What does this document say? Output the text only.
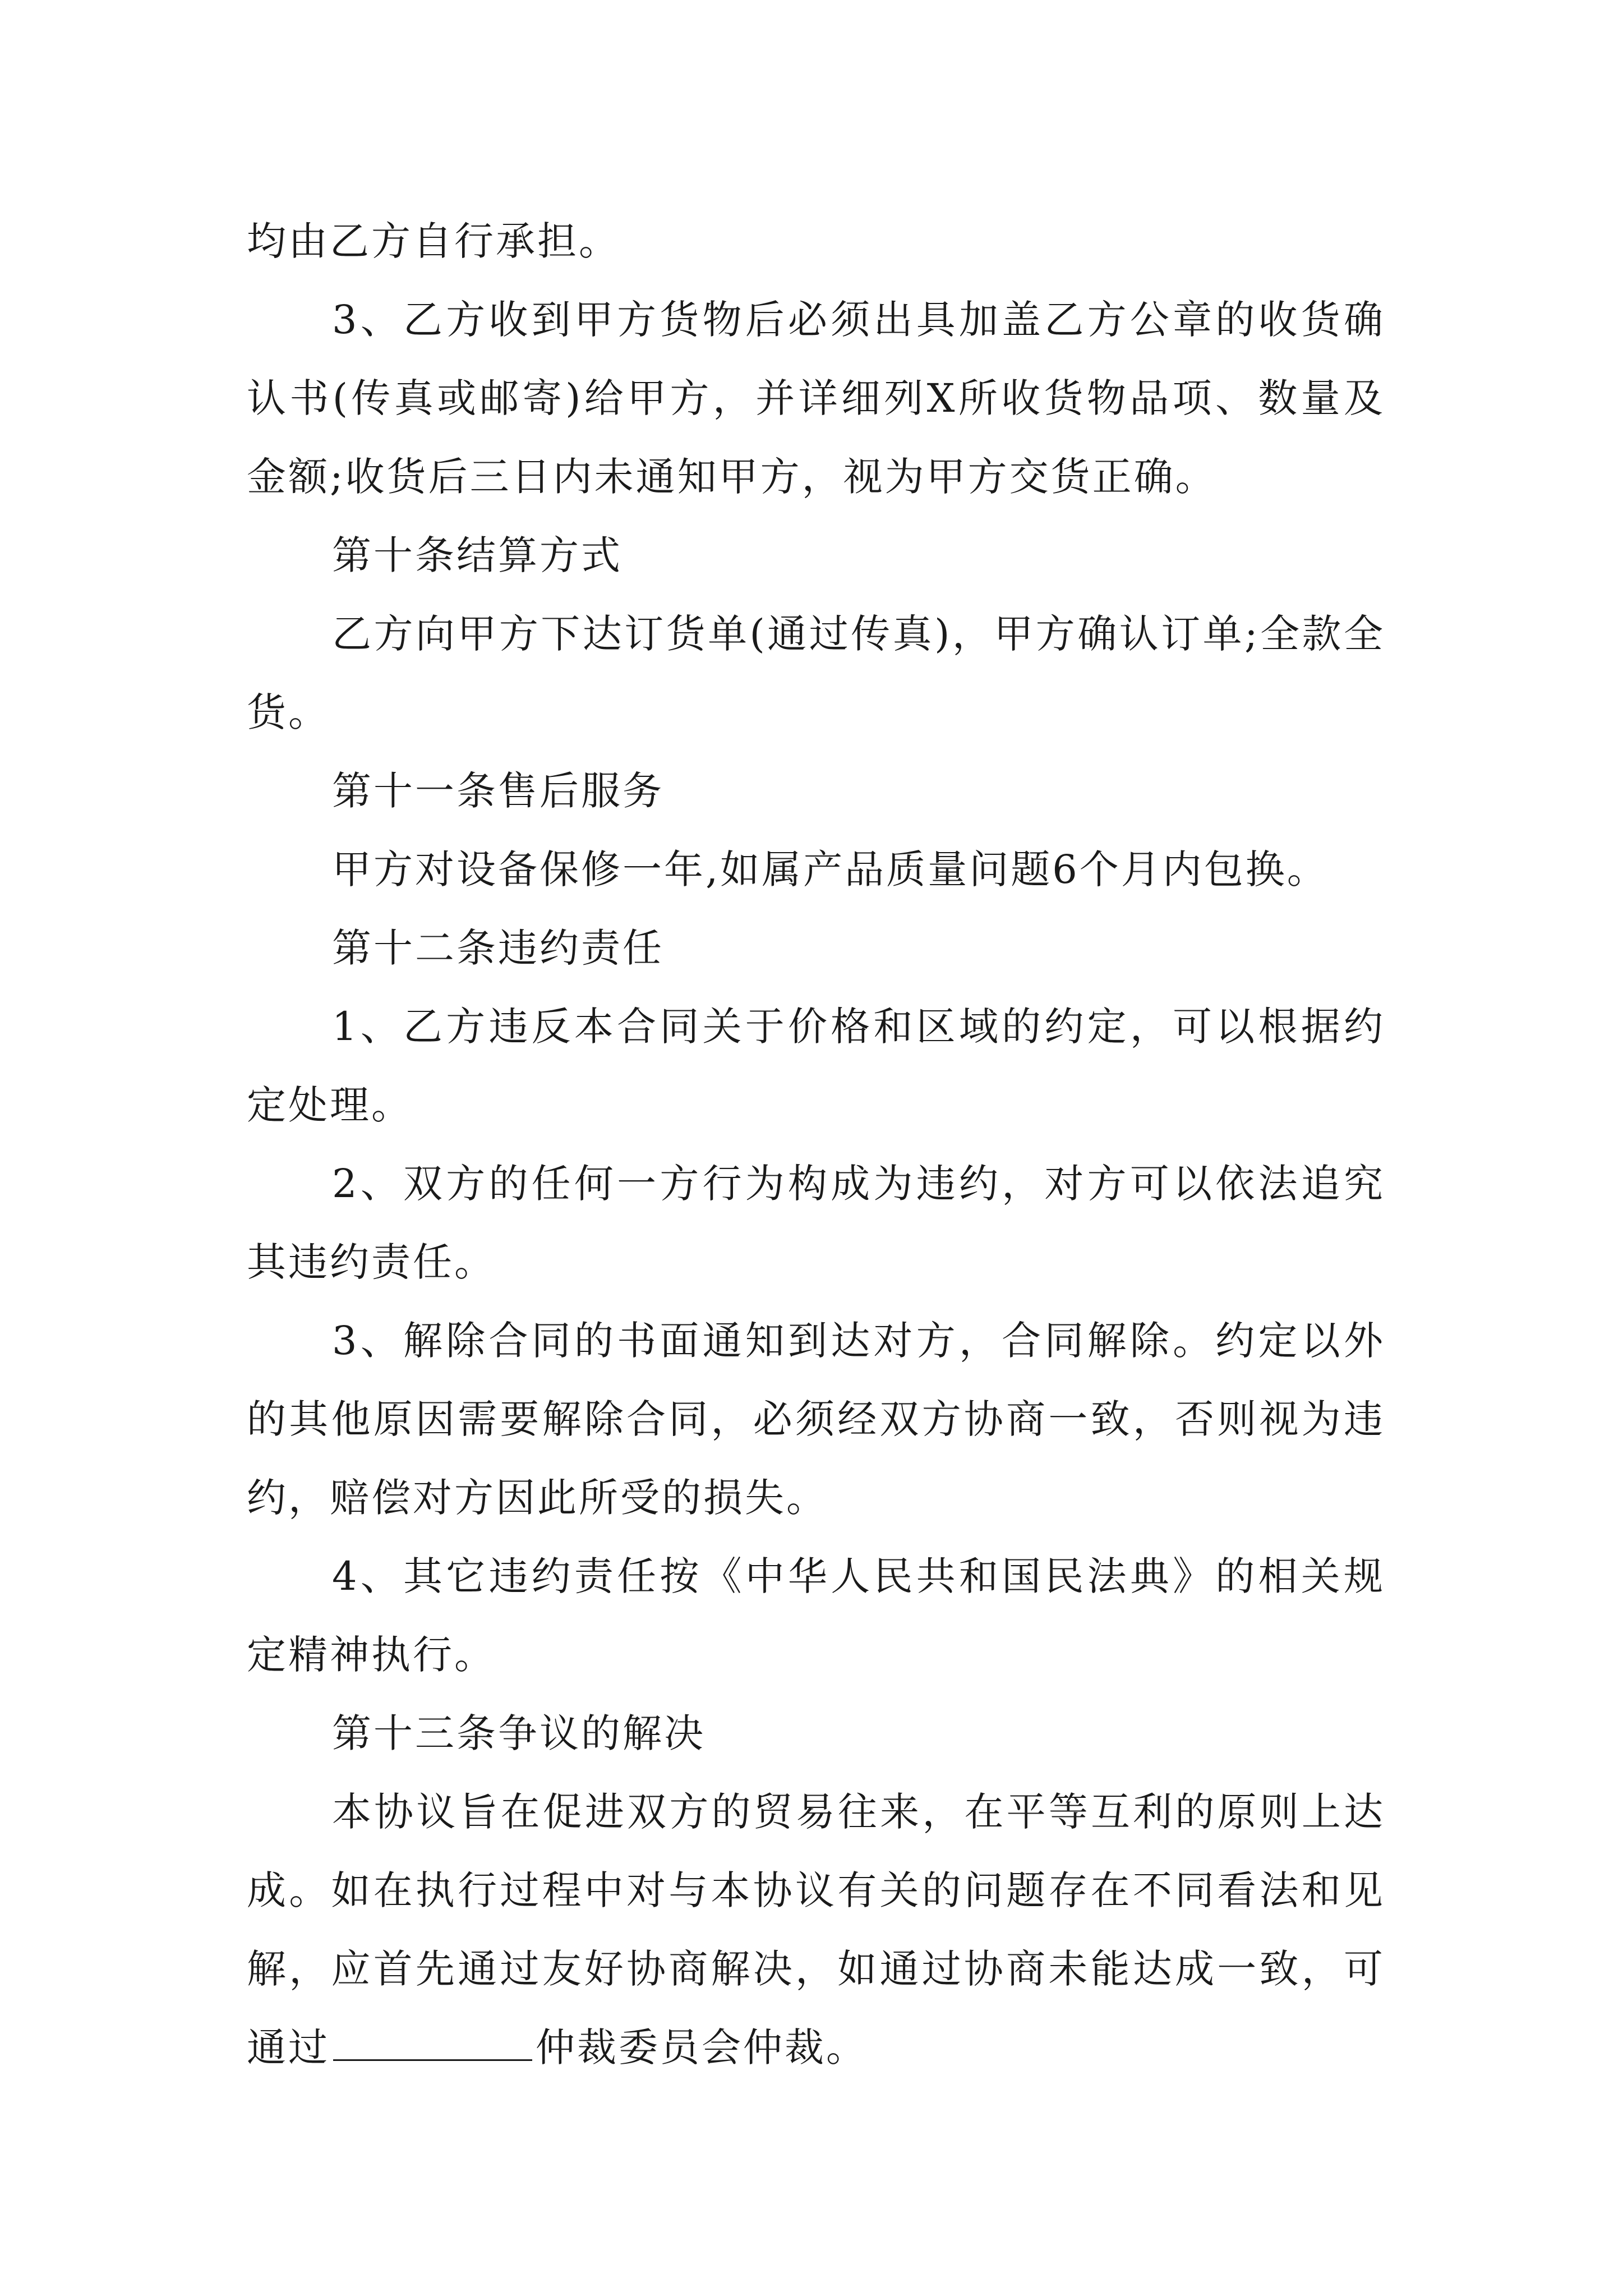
均由乙方自行承担。

3、乙方收到甲方货物后必须出具加盖乙方公章的收货确认书(传真或邮寄)给甲方，并详细列X所收货物品项、数量及金额;收货后三日内未通知甲方，视为甲方交货正确。

第十条结算方式

乙方向甲方下达订货单(通过传真)，甲方确认订单;全款全货。

第十一条售后服务

甲方对设备保修一年,如属产品质量问题6个月内包换。

第十二条违约责任

1、乙方违反本合同关于价格和区域的约定，可以根据约定处理。

2、双方的任何一方行为构成为违约，对方可以依法追究其违约责任。

3、解除合同的书面通知到达对方，合同解除。约定以外的其他原因需要解除合同，必须经双方协商一致，否则视为违约，赔偿对方因此所受的损失。

4、其它违约责任按《中华人民共和国民法典》的相关规定精神执行。

第十三条争议的解决

本协议旨在促进双方的贸易往来，在平等互利的原则上达成。如在执行过程中对与本协议有关的问题存在不同看法和见解，应首先通过友好协商解决，如通过协商未能达成一致，可通过	仲裁委员会仲裁。
